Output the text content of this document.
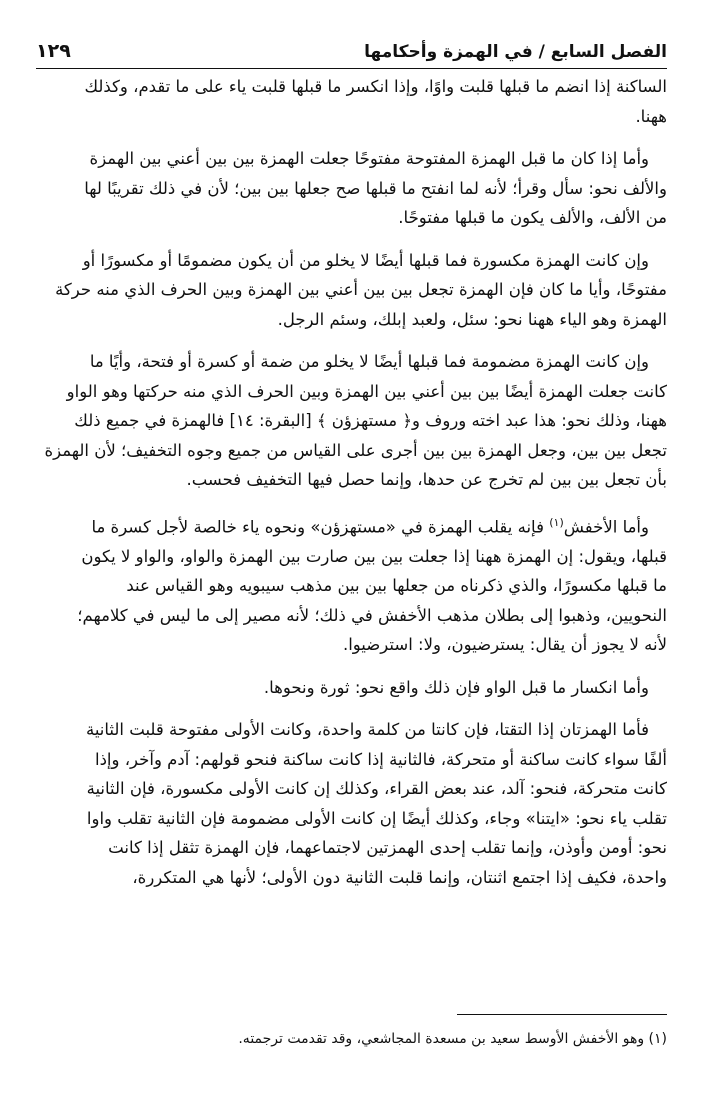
الفصل السابع / في الهمزة وأحكامها
١٢٩

الساكنة إذا انضم ما قبلها قلبت واوًا، وإذا انكسر ما قبلها قلبت ياء على ما تقدم، وكذلك

ههنا.

وأما إذا كان ما قبل الهمزة المفتوحة مفتوحًا جعلت الهمزة بين بين أعني بين الهمزة

والألف نحو: سأل وقرأ؛ لأنه لما انفتح ما قبلها صح جعلها بين بين؛ لأن في ذلك تقريبًا لها

من الألف، والألف يكون ما قبلها مفتوحًا.

وإن كانت الهمزة مكسورة فما قبلها أيضًا لا يخلو من أن يكون مضمومًا أو مكسورًا أو

مفتوحًا، وأيا ما كان فإن الهمزة تجعل بين بين أعني بين الهمزة وبين الحرف الذي منه حركة

الهمزة وهو الياء ههنا نحو: سئل، ولعبد إبلك، وسئم الرجل.

وإن كانت الهمزة مضمومة فما قبلها أيضًا لا يخلو من ضمة أو كسرة أو فتحة، وأيًا ما

كانت جعلت الهمزة أيضًا بين بين أعني بين الهمزة وبين الحرف الذي منه حركتها وهو الواو

ههنا، وذلك نحو: هذا عبد اخته وروف و﴿ مستهزؤن ﴾ [البقرة: ١٤] فالهمزة في جميع ذلك

تجعل بين بين، وجعل الهمزة بين بين أجرى على القياس من جميع وجوه التخفيف؛ لأن الهمزة

بأن تجعل بين بين لم تخرج عن حدها، وإنما حصل فيها التخفيف فحسب.

وأما الأخفش$^{(١)}$ فإنه يقلب الهمزة في «مستهزؤن» ونحوه ياء خالصة لأجل كسرة ما

قبلها، ويقول: إن الهمزة ههنا إذا جعلت بين بين صارت بين الهمزة والواو، والواو لا يكون

ما قبلها مكسورًا، والذي ذكرناه من جعلها بين بين مذهب سيبويه وهو القياس عند

النحويين، وذهبوا إلى بطلان مذهب الأخفش في ذلك؛ لأنه مصير إلى ما ليس في كلامهم؛

لأنه لا يجوز أن يقال: يسترضيون، ولا: استرضيوا.

وأما انكسار ما قبل الواو فإن ذلك واقع نحو: ثورة ونحوها.

فأما الهمزتان إذا التقتا، فإن كانتا من كلمة واحدة، وكانت الأولى مفتوحة قلبت الثانية

ألفًا سواء كانت ساكنة أو متحركة، فالثانية إذا كانت ساكنة فنحو قولهم: آدم وآخر، وإذا

كانت متحركة، فنحو: آلد، عند بعض القراء، وكذلك إن كانت الأولى مكسورة، فإن الثانية

تقلب ياء نحو: «ايتنا» وجاء، وكذلك أيضًا إن كانت الأولى مضمومة فإن الثانية تقلب واوا

نحو: أومن وأوذن، وإنما تقلب إحدى الهمزتين لاجتماعهما، فإن الهمزة تثقل إذا كانت

واحدة، فكيف إذا اجتمع اثنتان، وإنما قلبت الثانية دون الأولى؛ لأنها هي المتكررة،

(١) وهو الأخفش الأوسط سعيد بن مسعدة المجاشعي، وقد تقدمت ترجمته.
